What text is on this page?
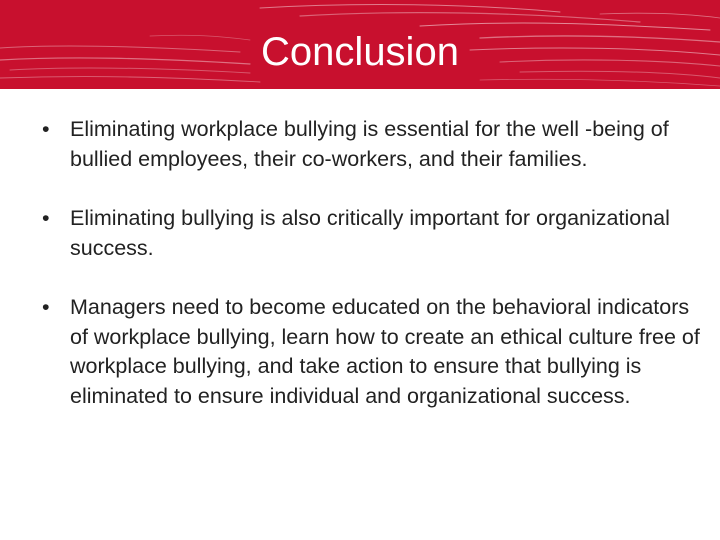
Conclusion
• Eliminating workplace bullying is essential for the well -being of bullied employees, their co-workers, and their families.
• Eliminating bullying is also critically important for organizational success.
• Managers need to become educated on the behavioral indicators of workplace bullying, learn how to create an ethical culture free of workplace bullying, and take action to ensure that bullying is eliminated to ensure individual and organizational success.
